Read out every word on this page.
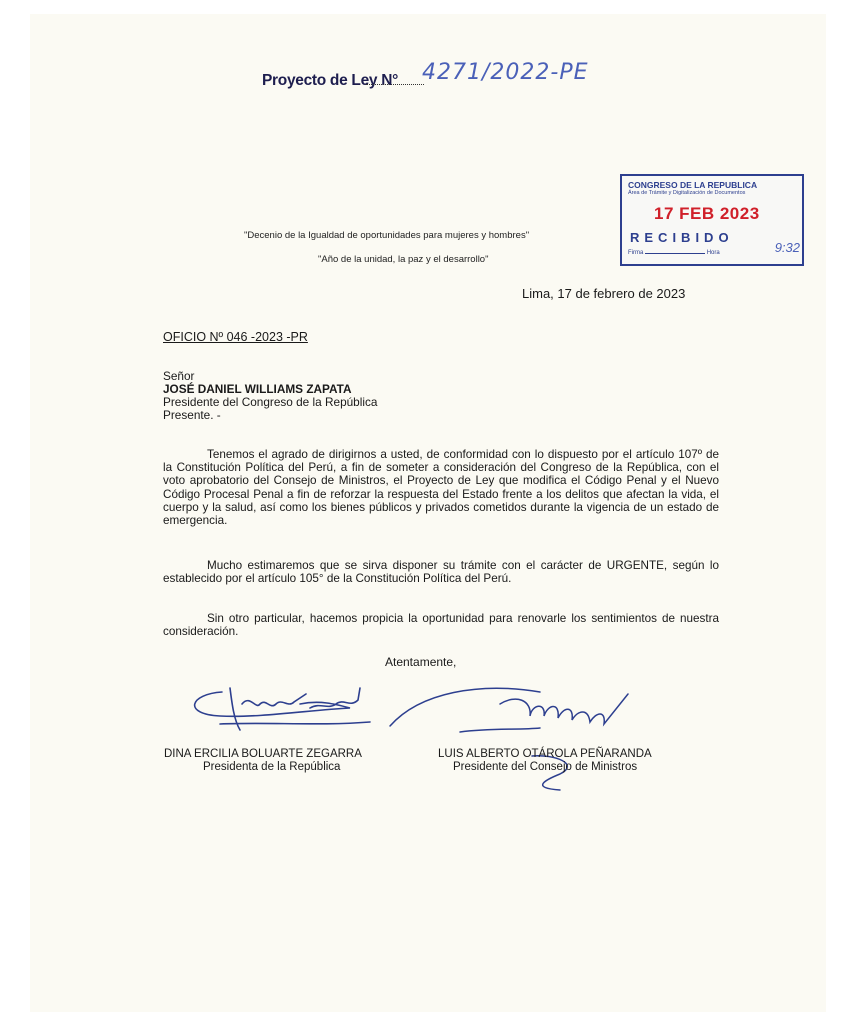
Proyecto de Ley N° 4271/2022-PE
CONGRESO DE LA REPUBLICA
Área de Trámite y Digitalización de Documentos
17 FEB 2023
RECIBIDO
Firma	Hora	9:32
"Decenio de la Igualdad de oportunidades para mujeres y hombres"
"Año de la unidad, la paz y el desarrollo"
Lima, 17 de febrero de 2023
OFICIO Nº 046 -2023 -PR
Señor
JOSÉ DANIEL WILLIAMS ZAPATA
Presidente del Congreso de la República
Presente. -
Tenemos el agrado de dirigirnos a usted, de conformidad con lo dispuesto por el artículo 107º de la Constitución Política del Perú, a fin de someter a consideración del Congreso de la República, con el voto aprobatorio del Consejo de Ministros, el Proyecto de Ley que modifica el Código Penal y el Nuevo Código Procesal Penal a fin de reforzar la respuesta del Estado frente a los delitos que afectan la vida, el cuerpo y la salud, así como los bienes públicos y privados cometidos durante la vigencia de un estado de emergencia.
Mucho estimaremos que se sirva disponer su trámite con el carácter de URGENTE, según lo establecido por el artículo 105° de la Constitución Política del Perú.
Sin otro particular, hacemos propicia la oportunidad para renovarle los sentimientos de nuestra consideración.
Atentamente,
DINA ERCILIA BOLUARTE ZEGARRA
Presidenta de la República
LUIS ALBERTO OTÁROLA PEÑARANDA
Presidente del Consejo de Ministros
